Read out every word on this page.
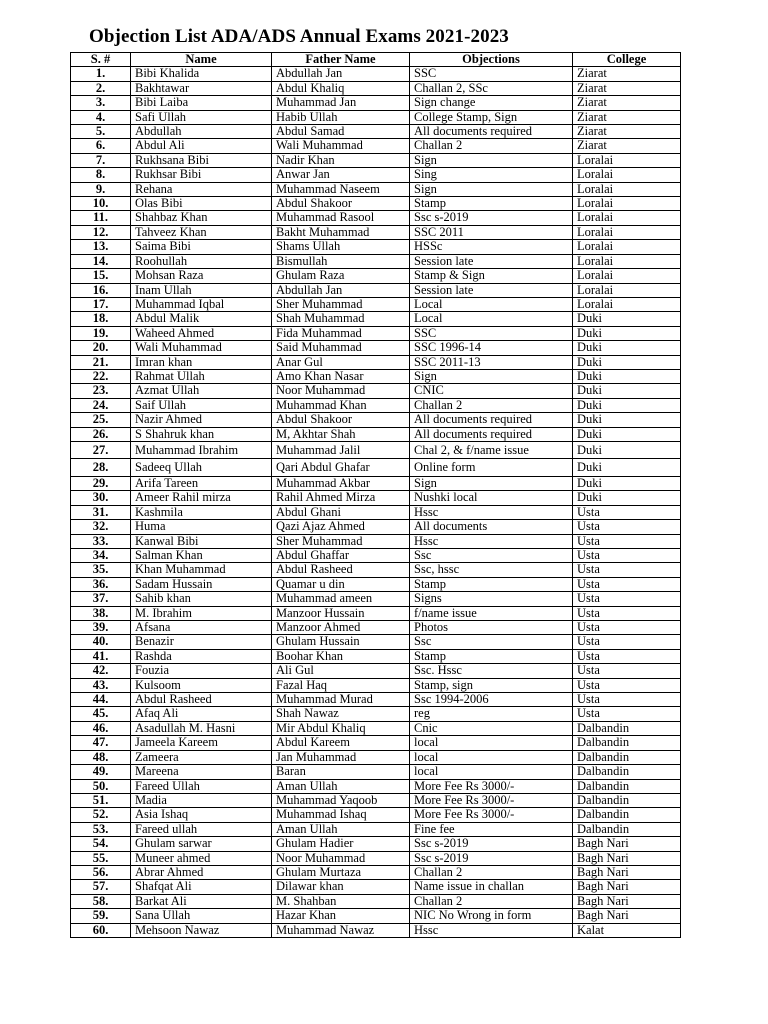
Objection List ADA/ADS Annual Exams 2021-2023
S. #	Name	Father Name	Objections	College
1.	Bibi Khalida	Abdullah Jan	SSC	Ziarat
2.	Bakhtawar	Abdul Khaliq	Challan 2, SSc	Ziarat
3.	Bibi Laiba	Muhammad Jan	Sign change	Ziarat
4.	Safi Ullah	Habib Ullah	College Stamp, Sign	Ziarat
5.	Abdullah	Abdul Samad	All documents required	Ziarat
6.	Abdul Ali	Wali Muhammad	Challan 2	Ziarat
7.	Rukhsana Bibi	Nadir Khan	Sign	Loralai
8.	Rukhsar Bibi	Anwar Jan	Sing	Loralai
9.	Rehana	Muhammad Naseem	Sign	Loralai
10.	Olas Bibi	Abdul Shakoor	Stamp	Loralai
11.	Shahbaz Khan	Muhammad Rasool	Ssc s-2019	Loralai
12.	Tahveez Khan	Bakht Muhammad	SSC 2011	Loralai
13.	Saima Bibi	Shams Ullah	HSSc	Loralai
14.	Roohullah	Bismullah	Session late	Loralai
15.	Mohsan Raza	Ghulam Raza	Stamp & Sign	Loralai
16.	Inam Ullah	Abdullah Jan	Session late	Loralai
17.	Muhammad Iqbal	Sher Muhammad	Local	Loralai
18.	Abdul Malik	Shah Muhammad	Local	Duki
19.	Waheed Ahmed	Fida Muhammad	SSC	Duki
20.	Wali Muhammad	Said Muhammad	SSC 1996-14	Duki
21.	Imran khan	Anar Gul	SSC 2011-13	Duki
22.	Rahmat Ullah	Amo Khan Nasar	Sign	Duki
23.	Azmat Ullah	Noor Muhammad	CNIC	Duki
24.	Saif Ullah	Muhammad Khan	Challan 2	Duki
25.	Nazir Ahmed	Abdul Shakoor	All documents required	Duki
26.	S Shahruk khan	M, Akhtar Shah	All documents required	Duki
27.	Muhammad Ibrahim	Muhammad Jalil	Chal 2, & f/name issue	Duki
28.	Sadeeq Ullah	Qari Abdul Ghafar	Online form	Duki
29.	Arifa Tareen	Muhammad Akbar	Sign	Duki
30.	Ameer Rahil mirza	Rahil Ahmed Mirza	Nushki local	Duki
31.	Kashmila	Abdul Ghani	Hssc	Usta
32.	Huma	Qazi Ajaz Ahmed	All documents	Usta
33.	Kanwal Bibi	Sher Muhammad	Hssc	Usta
34.	Salman Khan	Abdul Ghaffar	Ssc	Usta
35.	Khan Muhammad	Abdul Rasheed	Ssc, hssc	Usta
36.	Sadam Hussain	Quamar u din	Stamp	Usta
37.	Sahib khan	Muhammad ameen	Signs	Usta
38.	M. Ibrahim	Manzoor Hussain	f/name issue	Usta
39.	Afsana	Manzoor Ahmed	Photos	Usta
40.	Benazir	Ghulam Hussain	Ssc	Usta
41.	Rashda	Boohar Khan	Stamp	Usta
42.	Fouzia	Ali Gul	Ssc. Hssc	Usta
43.	Kulsoom	Fazal Haq	Stamp, sign	Usta
44.	Abdul Rasheed	Muhammad Murad	Ssc 1994-2006	Usta
45.	Afaq Ali	Shah Nawaz	reg	Usta
46.	Asadullah M. Hasni	Mir Abdul Khaliq	Cnic	Dalbandin
47.	Jameela Kareem	Abdul Kareem	local	Dalbandin
48.	Zameera	Jan Muhammad	local	Dalbandin
49.	Mareena	Baran	local	Dalbandin
50.	Fareed Ullah	Aman Ullah	More Fee Rs 3000/-	Dalbandin
51.	Madia	Muhammad Yaqoob	More Fee Rs 3000/-	Dalbandin
52.	Asia Ishaq	Muhammad Ishaq	More Fee Rs 3000/-	Dalbandin
53.	Fareed ullah	Aman Ullah	Fine fee	Dalbandin
54.	Ghulam sarwar	Ghulam Hadier	Ssc s-2019	Bagh Nari
55.	Muneer ahmed	Noor Muhammad	Ssc s-2019	Bagh Nari
56.	Abrar Ahmed	Ghulam Murtaza	Challan 2	Bagh Nari
57.	Shafqat Ali	Dilawar khan	Name issue in challan	Bagh Nari
58.	Barkat Ali	M. Shahban	Challan 2	Bagh Nari
59.	Sana Ullah	Hazar Khan	NIC No Wrong in form	Bagh Nari
60.	Mehsoon Nawaz	Muhammad Nawaz	Hssc	Kalat
